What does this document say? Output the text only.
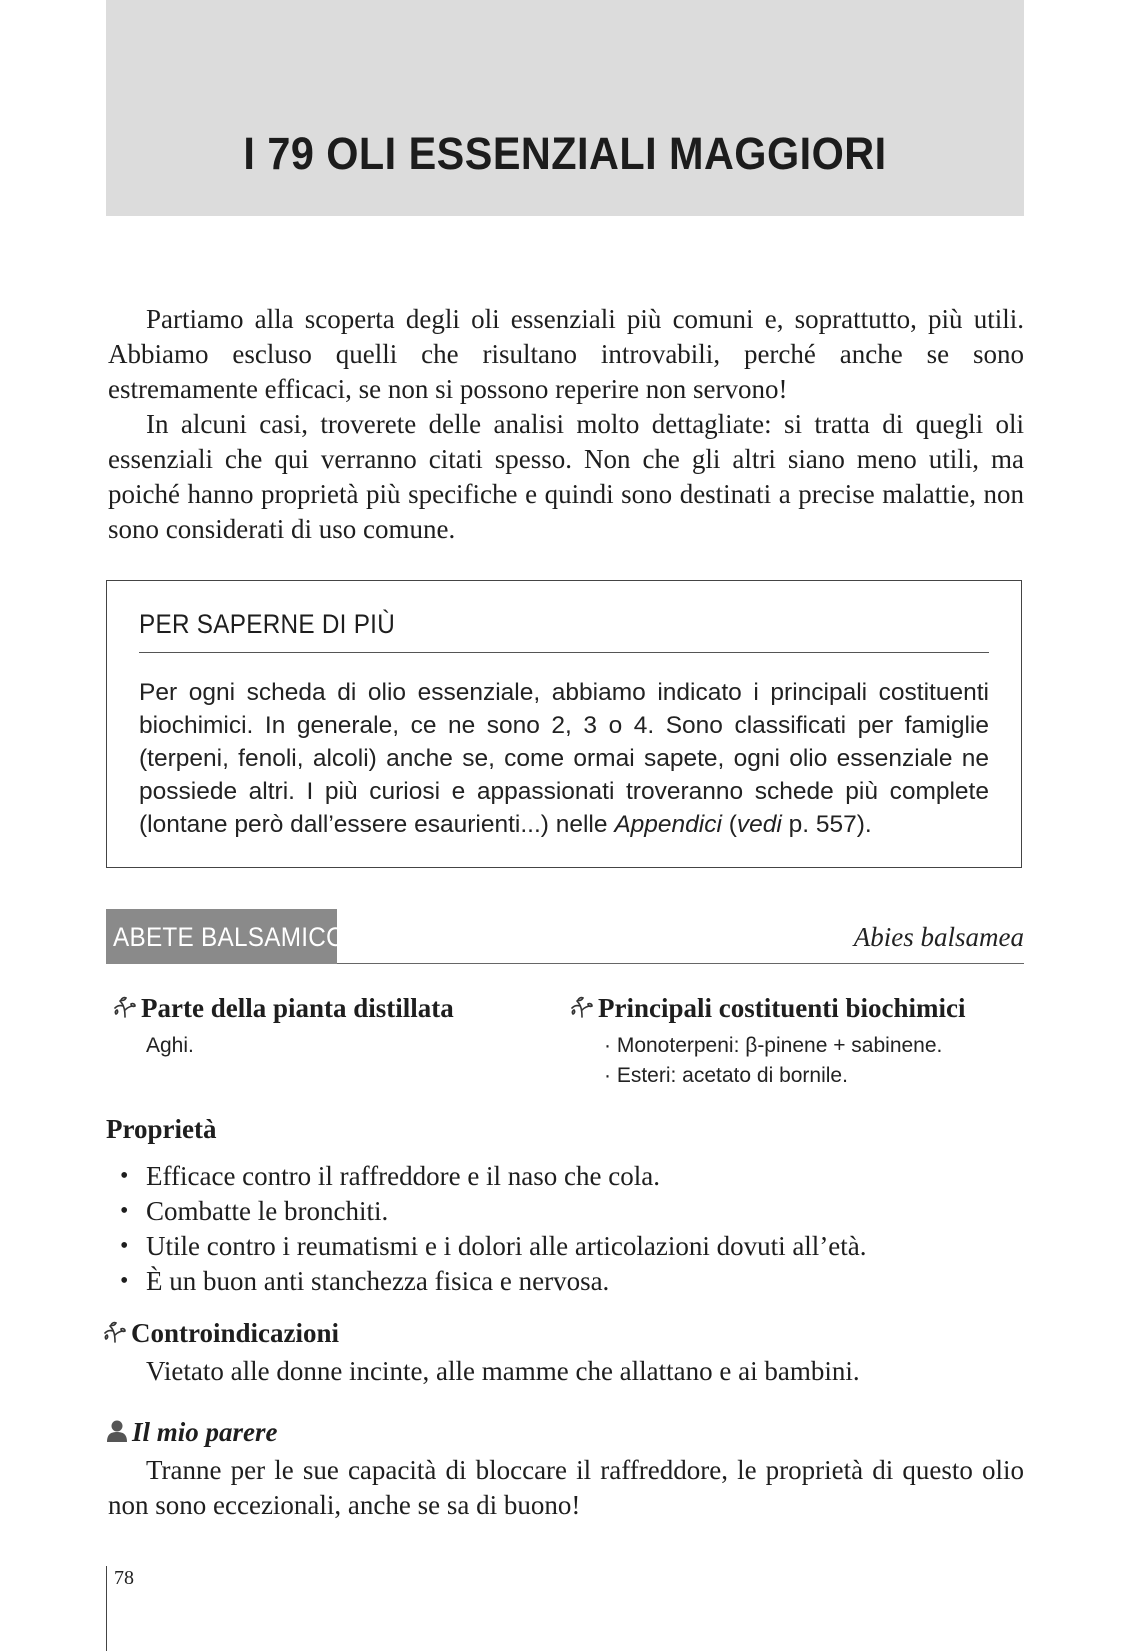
I 79 OLI ESSENZIALI MAGGIORI

Partiamo alla scoperta degli oli essenziali più comuni e, soprattutto, più utili. Abbiamo escluso quelli che risultano introvabili, perché anche se sono estremamente efficaci, se non si possono reperire non servono!

In alcuni casi, troverete delle analisi molto dettagliate: si tratta di quegli oli essenziali che qui verranno citati spesso. Non che gli altri siano meno utili, ma poiché hanno proprietà più specifiche e quindi sono destinati a precise malattie, non sono considerati di uso comune.

PER SAPERNE DI PIÙ
Per ogni scheda di olio essenziale, abbiamo indicato i principali costituenti biochimici. In generale, ce ne sono 2, 3 o 4. Sono classificati per famiglie (terpeni, fenoli, alcoli) anche se, come ormai sapete, ogni olio essenziale ne possiede altri. I più curiosi e appassionati troveranno schede più complete (lontane però dall’essere esaurienti...) nelle Appendici (vedi p. 557).
ABETE BALSAMICO	Abies balsamea
Parte della pianta distillata
Aghi.
Principali costituenti biochimici
· Monoterpeni: β-pinene + sabinene.
· Esteri: acetato di bornile.
Proprietà
• Efficace contro il raffreddore e il naso che cola.
• Combatte le bronchiti.
• Utile contro i reumatismi e i dolori alle articolazioni dovuti all’età.
• È un buon anti stanchezza fisica e nervosa.
Controindicazioni
Vietato alle donne incinte, alle mamme che allattano e ai bambini.
Il mio parere

Tranne per le sue capacità di bloccare il raffreddore, le proprietà di questo olio non sono eccezionali, anche se sa di buono!

78
